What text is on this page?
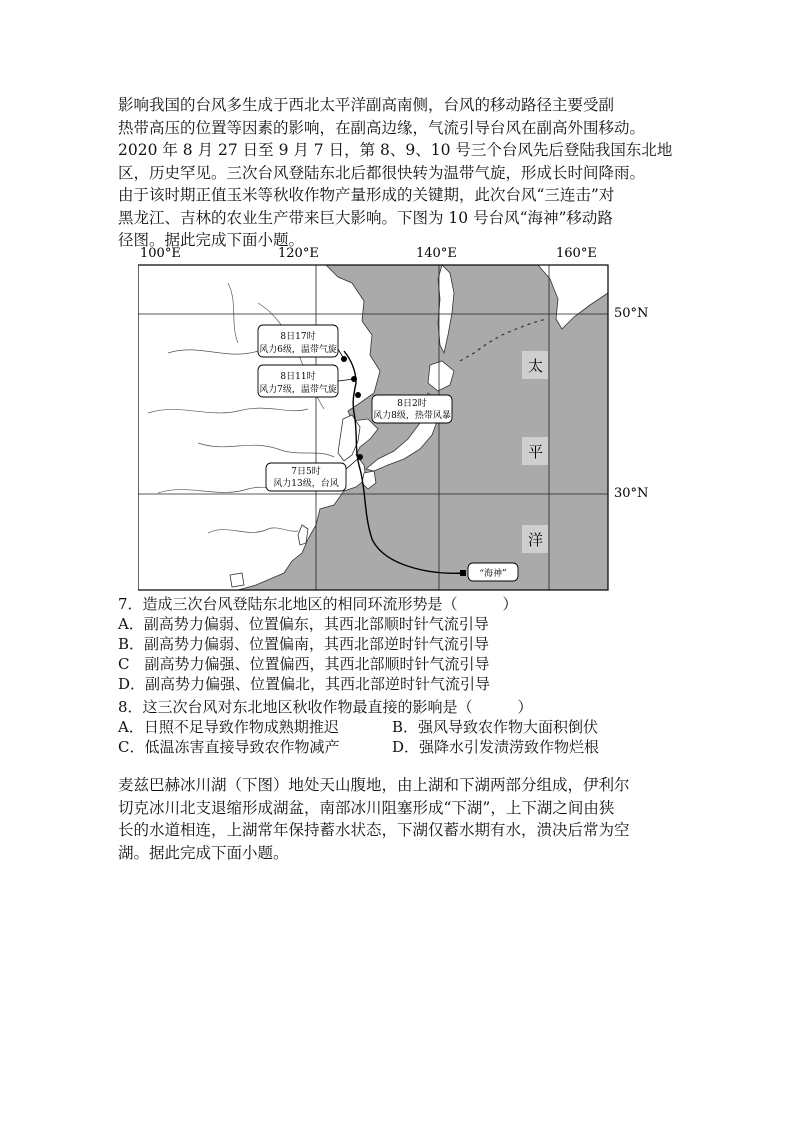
影响我国的台风多生成于西北太平洋副高南侧，台风的移动路径主要受副
热带高压的位置等因素的影响，在副高边缘，气流引导台风在副高外围移动。
2020 年 8 月 27 日至 9 月 7 日，第 8、9、10 号三个台风先后登陆我国东北地
区，历史罕见。三次台风登陆东北后都很快转为温带气旋，形成长时间降雨。
由于该时期正值玉米等秋收作物产量形成的关键期，此次台风“三连击”对
黑龙江、吉林的农业生产带来巨大影响。下图为 10 号台风“海神”移动路
径图。据此完成下面小题。
100°E	120°E	140°E	160°E
50°N
30°N
太
平
洋
8日17时
风力6级，温带气旋
8日11时
风力7级，温带气旋
8日2时
风力8级，热带风暴
7日5时
风力13级，台风
“海神”
7．造成三次台风登陆东北地区的相同环流形势是（　　　）
A．副高势力偏弱、位置偏东，其西北部顺时针气流引导
B．副高势力偏弱、位置偏南，其西北部逆时针气流引导
C　副高势力偏强、位置偏西，其西北部顺时针气流引导
D．副高势力偏强、位置偏北，其西北部逆时针气流引导
8．这三次台风对东北地区秋收作物最直接的影响是（　　　）
A．日照不足导致作物成熟期推迟	B．强风导致农作物大面积倒伏
C．低温冻害直接导致农作物减产	D．强降水引发渍涝致作物烂根
麦兹巴赫冰川湖（下图）地处天山腹地，由上湖和下湖两部分组成，伊利尔
切克冰川北支退缩形成湖盆，南部冰川阻塞形成“下湖”，上下湖之间由狭
长的水道相连，上湖常年保持蓄水状态，下湖仅蓄水期有水，溃决后常为空
湖。据此完成下面小题。
